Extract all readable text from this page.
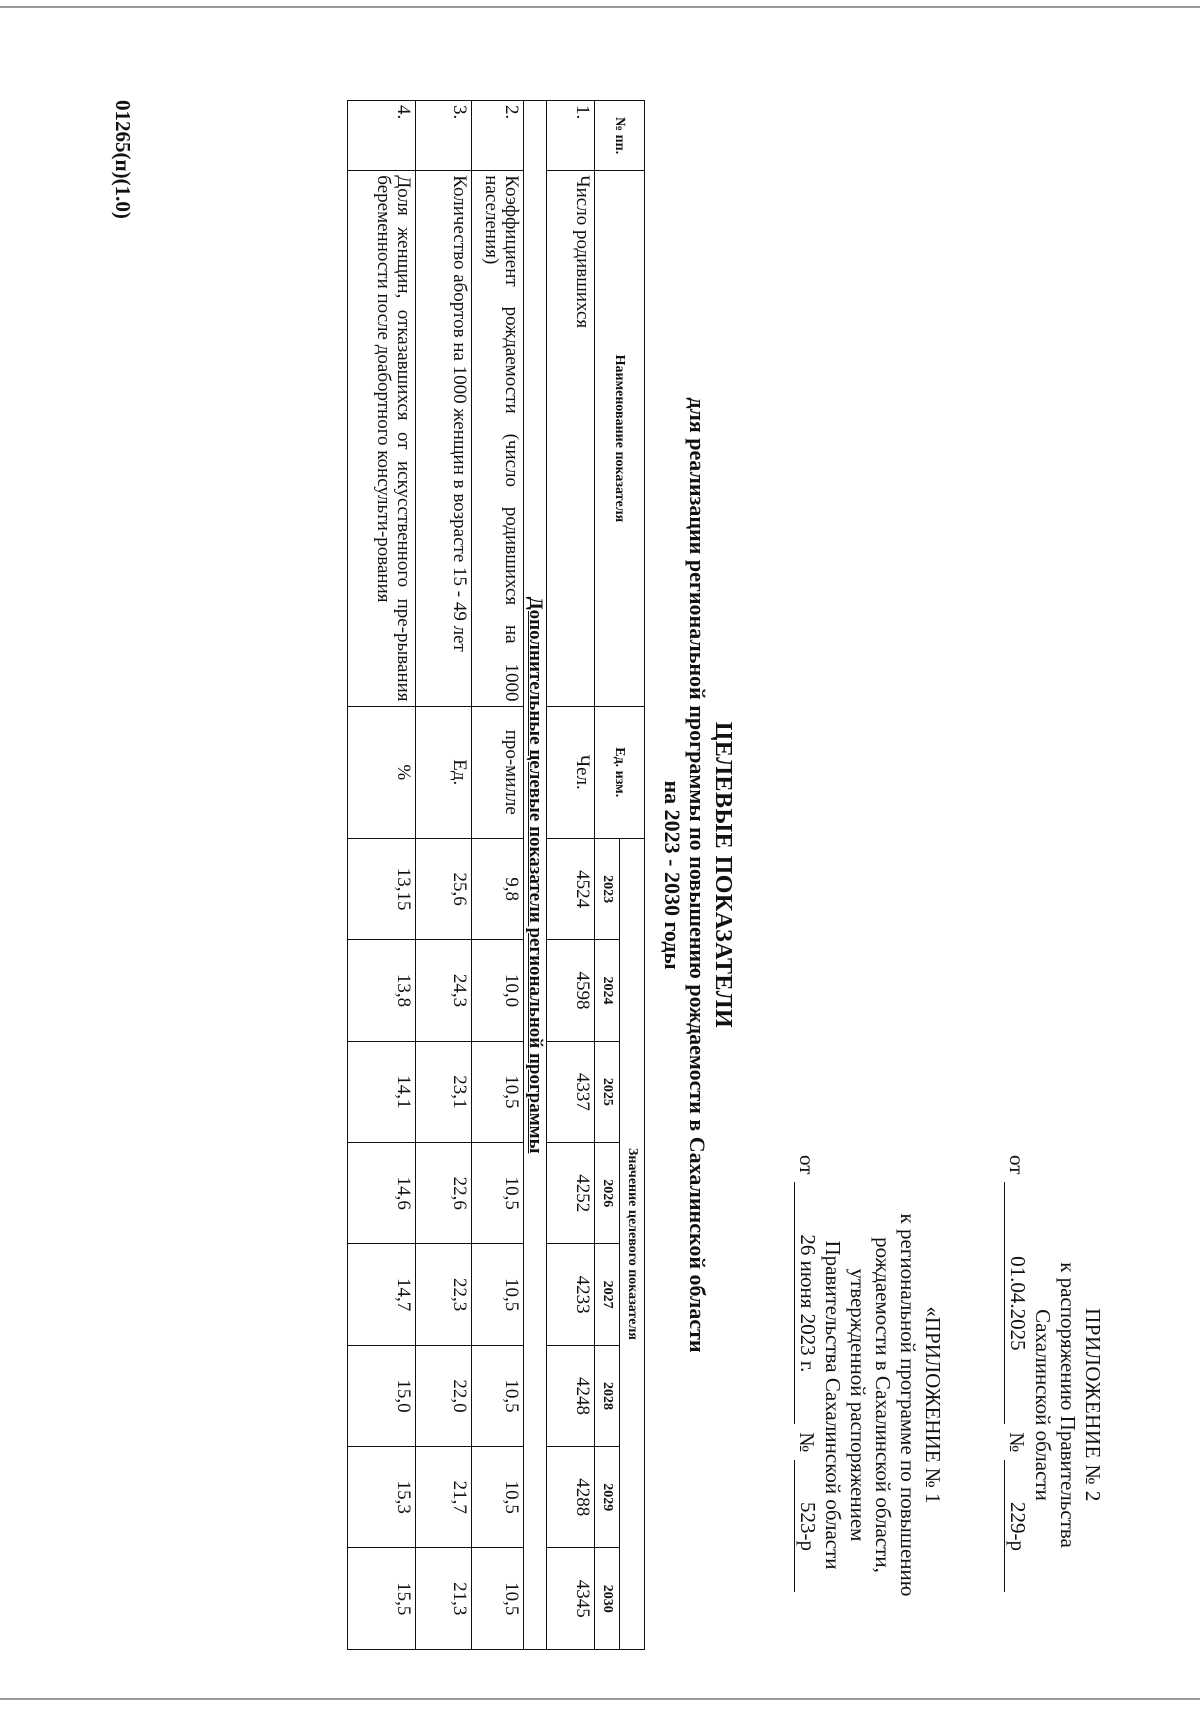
ПРИЛОЖЕНИЕ № 2
к распоряжению Правительства
Сахалинской области
от
01.04.2025
№
229-р
«ПРИЛОЖЕНИЕ № 1
к региональной программе по повышению
рождаемости в Сахалинской области,
утвержденной распоряжением
Правительства Сахалинской области
от
26 июня 2023 г.
№
523-р
ЦЕЛЕВЫЕ ПОКАЗАТЕЛИ
для реализации региональной программы по повышению рождаемости в Сахалинской области
на 2023 - 2030 годы
№ пп.	Наименование показателя	Ед. изм.	Значение целевого показателя							
			2023	2024	2025	2026	2027	2028	2029	2030
1.	Число родившихся	Чел.	4524	4598	4337	4252	4233	4248	4288	4345
Дополнительные целевые показатели региональной программы										
2.	Коэффициент рождаемости (число родившихся на 1000 населения)	про-милле	9,8	10,0	10,5	10,5	10,5	10,5	10,5	10,5
3.	Количество абортов на 1000 женщин в возрасте 15 - 49 лет	Ед.	25,6	24,3	23,1	22,6	22,3	22,0	21,7	21,3
4.	Доля женщин, отказавшихся от искусственного пре-рывания беременности после доабортного консульти-рования	%	13,15	13,8	14,1	14,6	14,7	15,0	15,3	15,5
01265(п)(1.0)
